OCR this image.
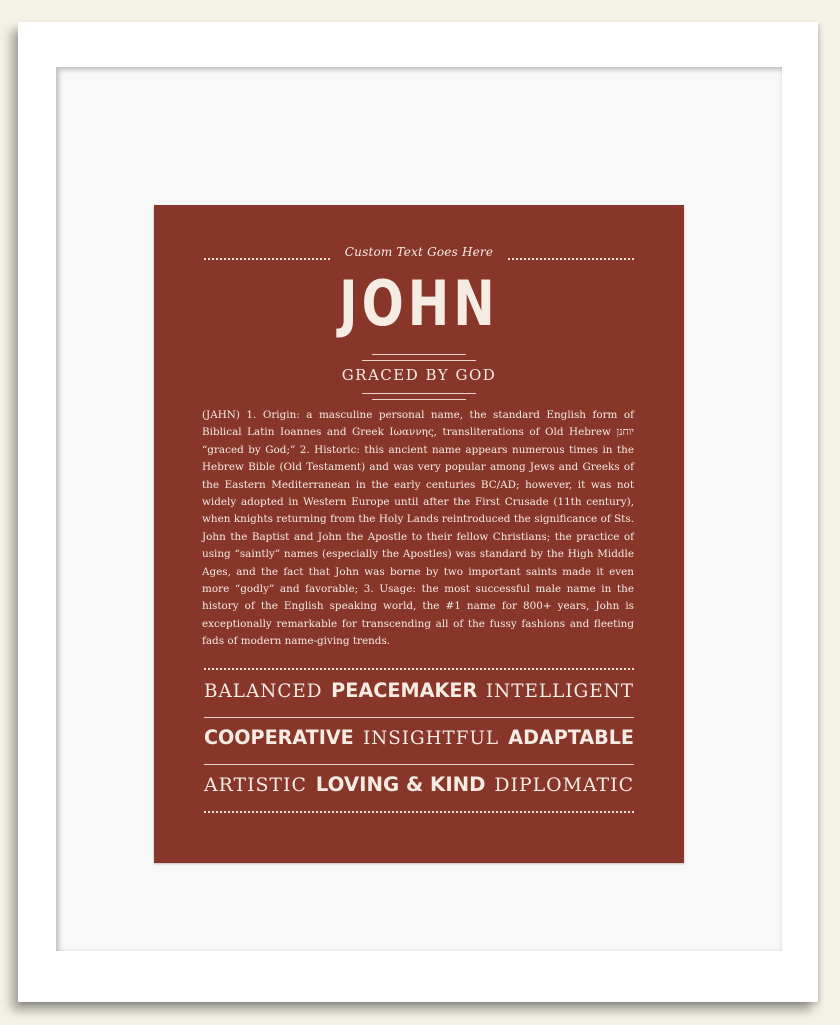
Custom Text Goes Here
JOHN
GRACED BY GOD
(JAHN) 1. Origin: a masculine personal name, the standard English form of Biblical Latin Ioannes and Greek Ιωαννης, transliterations of Old Hebrew יוחנן “graced by God;” 2. Historic: this ancient name appears numerous times in the Hebrew Bible (Old Testament) and was very popular among Jews and Greeks of the Eastern Mediterranean in the early centuries BC/AD; however, it was not widely adopted in Western Europe until after the First Crusade (11th century), when knights returning from the Holy Lands reintroduced the significance of Sts. John the Baptist and John the Apostle to their fellow Christians; the practice of using “saintly” names (especially the Apostles) was standard by the High Middle Ages, and the fact that John was borne by two important saints made it even more “godly” and favorable; 3. Usage: the most successful male name in the history of the English speaking world, the #1 name for 800+ years, John is exceptionally remarkable for transcending all of the fussy fashions and fleeting fads of modern name-giving trends.
BALANCED PEACEMAKER INTELLIGENT
COOPERATIVE INSIGHTFUL ADAPTABLE
ARTISTIC LOVING & KIND DIPLOMATIC
